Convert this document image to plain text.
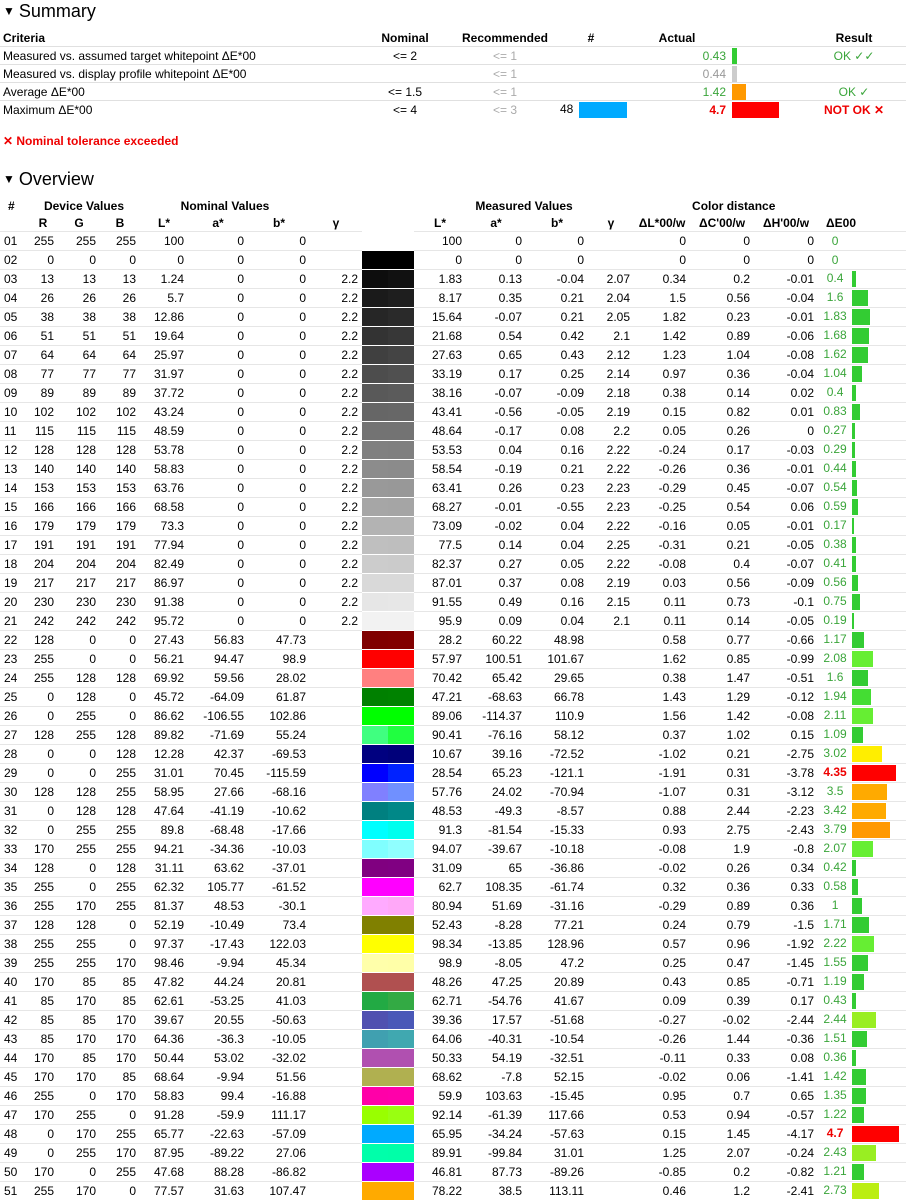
▼ Summary
Criteria	Nominal	Recommended	#	Actual		Result
Measured vs. assumed target whitepoint ΔE*00	<= 2	<= 1		0.43		OK ✓✓
Measured vs. display profile whitepoint ΔE*00		<= 1		0.44		
Average ΔE*00	<= 1.5	<= 1		1.42		OK ✓
Maximum ΔE*00	<= 4	<= 3	48	4.7		NOT OK ✕
✕ Nominal tolerance exceeded
▼ Overview
#	Device Values			Nominal Values					Measured Values				Color distance			
	R	G	B	L*	a*	b*	γ		L*	a*	b*	γ	ΔL*00/w	ΔC'00/w	ΔH'00/w	ΔE00
01	255	255	255	100	0	0			100	0	0		0	0	0	0
02	0	0	0	0	0	0			0	0	0		0	0	0	0
03	13	13	13	1.24	0	0	2.2		1.83	0.13	-0.04	2.07	0.34	0.2	-0.01	0.4
04	26	26	26	5.7	0	0	2.2		8.17	0.35	0.21	2.04	1.5	0.56	-0.04	1.6
05	38	38	38	12.86	0	0	2.2		15.64	-0.07	0.21	2.05	1.82	0.23	-0.01	1.83
06	51	51	51	19.64	0	0	2.2		21.68	0.54	0.42	2.1	1.42	0.89	-0.06	1.68
07	64	64	64	25.97	0	0	2.2		27.63	0.65	0.43	2.12	1.23	1.04	-0.08	1.62
08	77	77	77	31.97	0	0	2.2		33.19	0.17	0.25	2.14	0.97	0.36	-0.04	1.04
09	89	89	89	37.72	0	0	2.2		38.16	-0.07	-0.09	2.18	0.38	0.14	0.02	0.4
10	102	102	102	43.24	0	0	2.2		43.41	-0.56	-0.05	2.19	0.15	0.82	0.01	0.83
11	115	115	115	48.59	0	0	2.2		48.64	-0.17	0.08	2.2	0.05	0.26	0	0.27
12	128	128	128	53.78	0	0	2.2		53.53	0.04	0.16	2.22	-0.24	0.17	-0.03	0.29
13	140	140	140	58.83	0	0	2.2		58.54	-0.19	0.21	2.22	-0.26	0.36	-0.01	0.44
14	153	153	153	63.76	0	0	2.2		63.41	0.26	0.23	2.23	-0.29	0.45	-0.07	0.54
15	166	166	166	68.58	0	0	2.2		68.27	-0.01	-0.55	2.23	-0.25	0.54	0.06	0.59
16	179	179	179	73.3	0	0	2.2		73.09	-0.02	0.04	2.22	-0.16	0.05	-0.01	0.17
17	191	191	191	77.94	0	0	2.2		77.5	0.14	0.04	2.25	-0.31	0.21	-0.05	0.38
18	204	204	204	82.49	0	0	2.2		82.37	0.27	0.05	2.22	-0.08	0.4	-0.07	0.41
19	217	217	217	86.97	0	0	2.2		87.01	0.37	0.08	2.19	0.03	0.56	-0.09	0.56
20	230	230	230	91.38	0	0	2.2		91.55	0.49	0.16	2.15	0.11	0.73	-0.1	0.75
21	242	242	242	95.72	0	0	2.2		95.9	0.09	0.04	2.1	0.11	0.14	-0.05	0.19
22	128	0	0	27.43	56.83	47.73			28.2	60.22	48.98		0.58	0.77	-0.66	1.17
23	255	0	0	56.21	94.47	98.9			57.97	100.51	101.67		1.62	0.85	-0.99	2.08
24	255	128	128	69.92	59.56	28.02			70.42	65.42	29.65		0.38	1.47	-0.51	1.6
25	0	128	0	45.72	-64.09	61.87			47.21	-68.63	66.78		1.43	1.29	-0.12	1.94
26	0	255	0	86.62	-106.55	102.86			89.06	-114.37	110.9		1.56	1.42	-0.08	2.11
27	128	255	128	89.82	-71.69	55.24			90.41	-76.16	58.12		0.37	1.02	0.15	1.09
28	0	0	128	12.28	42.37	-69.53			10.67	39.16	-72.52		-1.02	0.21	-2.75	3.02
29	0	0	255	31.01	70.45	-115.59			28.54	65.23	-121.1		-1.91	0.31	-3.78	4.35
30	128	128	255	58.95	27.66	-68.16			57.76	24.02	-70.94		-1.07	0.31	-3.12	3.5
31	0	128	128	47.64	-41.19	-10.62			48.53	-49.3	-8.57		0.88	2.44	-2.23	3.42
32	0	255	255	89.8	-68.48	-17.66			91.3	-81.54	-15.33		0.93	2.75	-2.43	3.79
33	170	255	255	94.21	-34.36	-10.03			94.07	-39.67	-10.18		-0.08	1.9	-0.8	2.07
34	128	0	128	31.11	63.62	-37.01			31.09	65	-36.86		-0.02	0.26	0.34	0.42
35	255	0	255	62.32	105.77	-61.52			62.7	108.35	-61.74		0.32	0.36	0.33	0.58
36	255	170	255	81.37	48.53	-30.1			80.94	51.69	-31.16		-0.29	0.89	0.36	1
37	128	128	0	52.19	-10.49	73.4			52.43	-8.28	77.21		0.24	0.79	-1.5	1.71
38	255	255	0	97.37	-17.43	122.03			98.34	-13.85	128.96		0.57	0.96	-1.92	2.22
39	255	255	170	98.46	-9.94	45.34			98.9	-8.05	47.2		0.25	0.47	-1.45	1.55
40	170	85	85	47.82	44.24	20.81			48.26	47.25	20.89		0.43	0.85	-0.71	1.19
41	85	170	85	62.61	-53.25	41.03			62.71	-54.76	41.67		0.09	0.39	0.17	0.43
42	85	85	170	39.67	20.55	-50.63			39.36	17.57	-51.68		-0.27	-0.02	-2.44	2.44
43	85	170	170	64.36	-36.3	-10.05			64.06	-40.31	-10.54		-0.26	1.44	-0.36	1.51
44	170	85	170	50.44	53.02	-32.02			50.33	54.19	-32.51		-0.11	0.33	0.08	0.36
45	170	170	85	68.64	-9.94	51.56			68.62	-7.8	52.15		-0.02	0.06	-1.41	1.42
46	255	0	170	58.83	99.4	-16.88			59.9	103.63	-15.45		0.95	0.7	0.65	1.35
47	170	255	0	91.28	-59.9	111.17			92.14	-61.39	117.66		0.53	0.94	-0.57	1.22
48	0	170	255	65.77	-22.63	-57.09			65.95	-34.24	-57.63		0.15	1.45	-4.17	4.7
49	0	255	170	87.95	-89.22	27.06			89.91	-99.84	31.01		1.25	2.07	-0.24	2.43
50	170	0	255	47.68	88.28	-86.82			46.81	87.73	-89.26		-0.85	0.2	-0.82	1.21
51	255	170	0	77.57	31.63	107.47			78.22	38.5	113.11		0.46	1.2	-2.41	2.73
